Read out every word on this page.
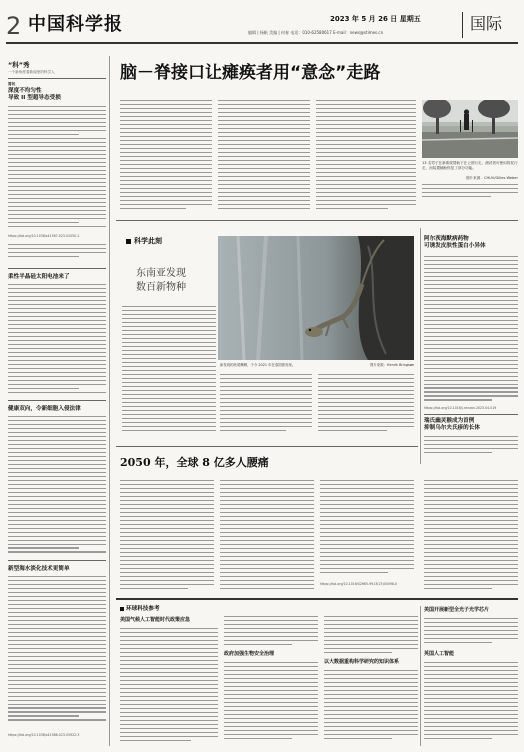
2 中国科学报	2023 年 5 月 26 日 星期五
编辑 | 杨帆 美编 | 何春 电话：010-62580617 E-mail：news@stimes.cn	国际
“科”秀
一个新角度看新闻里的科学人
简讯
深度不均匀性
导致 II 型超导态受损
https://doi.org/10.1038/s41567-023-02050-2
柔性半晶硅太阳电池来了
健康双向，令新细胞入侵法律
新型海水淡化技术更简单
https://doi.org/10.1038/s41586-023-05922-3
脑－脊接口让瘫痪者用“意念”走路
13 名男子在新系统帮助下在公园行走，测试者可使用拐杖行走，而装置辅助恢复了部分功能。
图片来源：CHUV/Gilles Weber
科学此刻
东南亚发现
数百新物种
新发现的丝尾蜥蜴，于今 2021 年在泰国被发现。	图片来源：Henrik Bringsøe
阿尔茨海默病药物
可诱发皮肤性蛋白小异体
https://doi.org/10.1016/j.neuron.2023.04.019
瑞氏幽灵猴成为首例
抑制乌尔夫氏疹的长体
2050 年，全球 8 亿多人腰痛
https://doi.org/10.1016/S2665-9913(23)00098-X
环球科技参考
美国气候人工智能时代政策应急
政府加强生物安全治理
以大数据重构科学研究的知识体系
美国开展新型全光子光学芯片
英国人工智能
